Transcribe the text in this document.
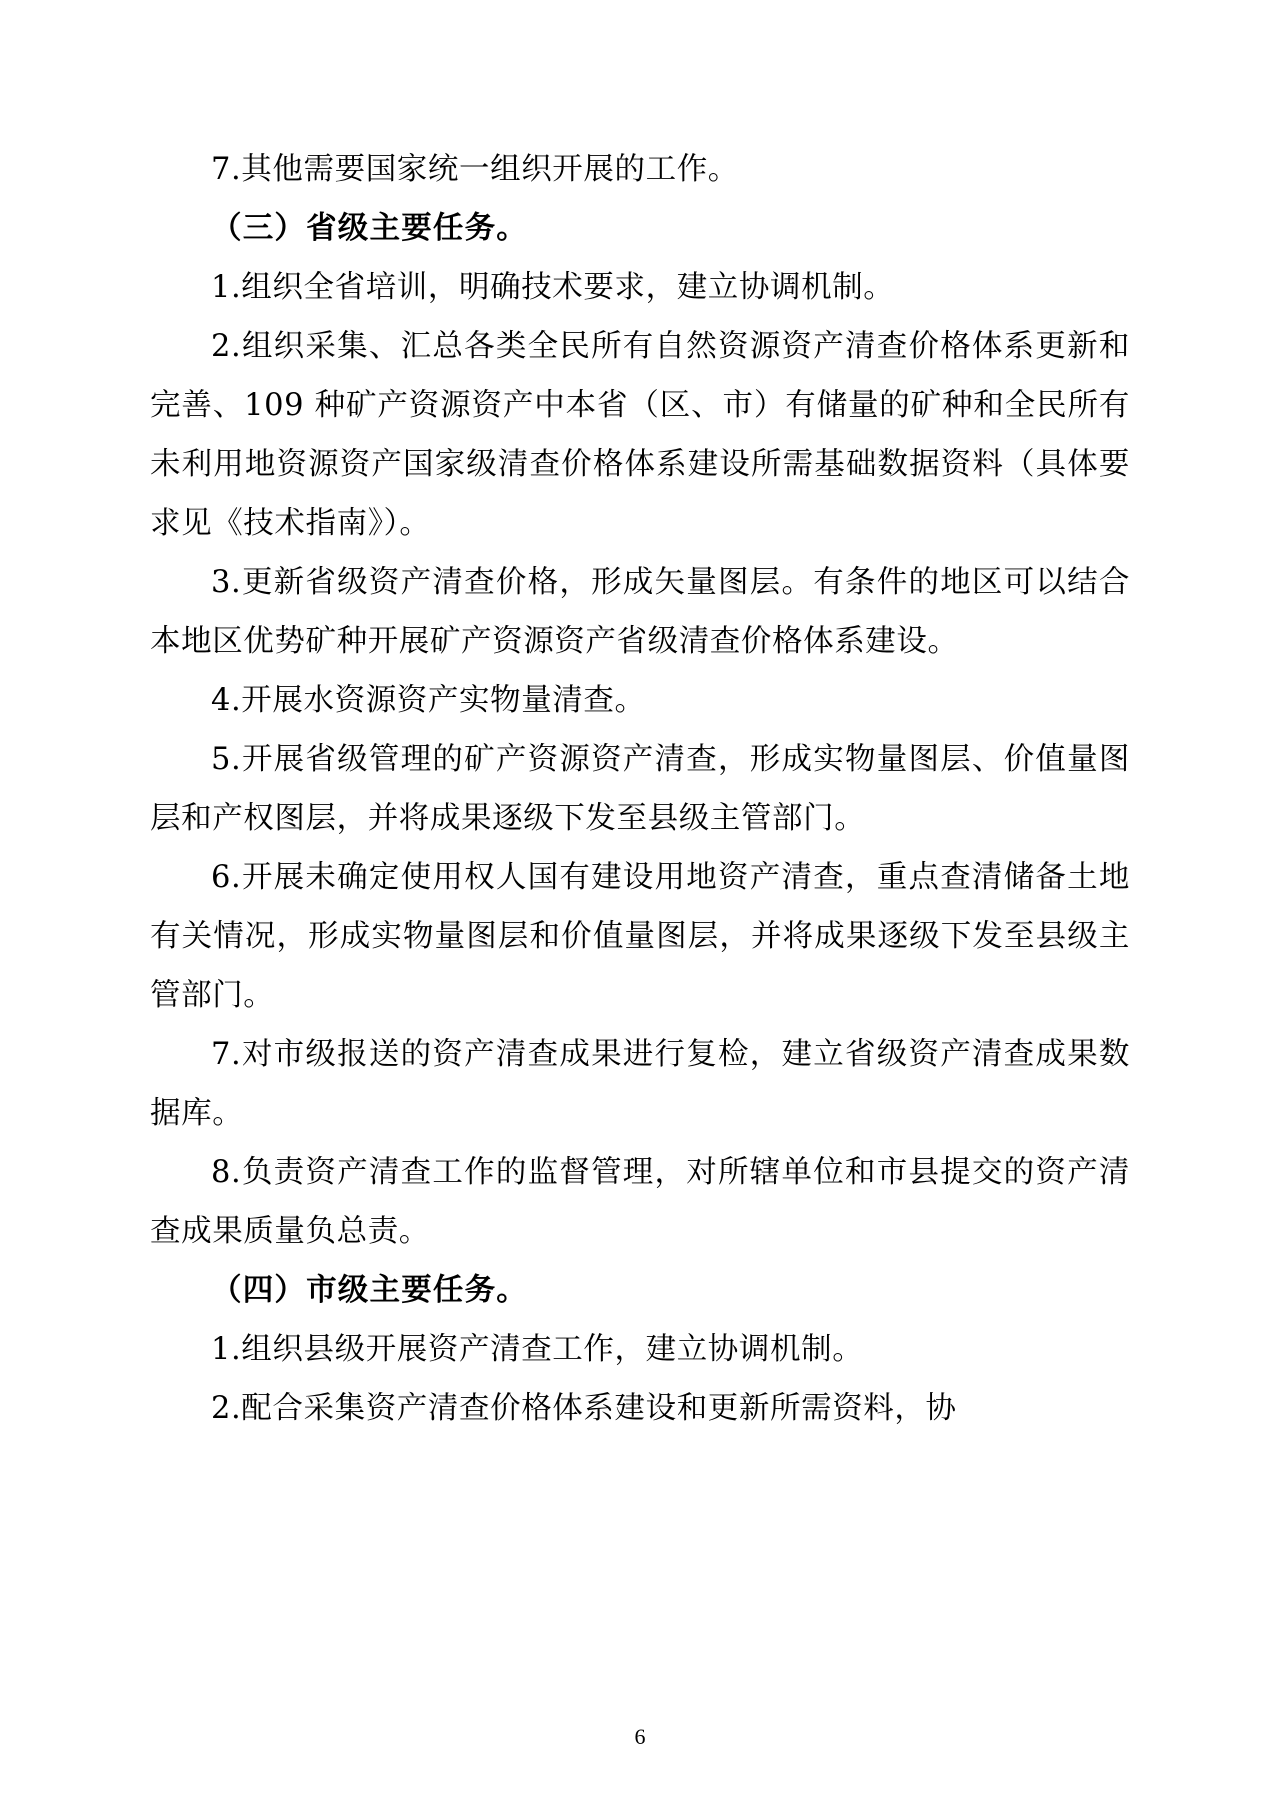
7.其他需要国家统一组织开展的工作。

（三）省级主要任务。

1.组织全省培训，明确技术要求，建立协调机制。

2.组织采集、汇总各类全民所有自然资源资产清查价格体系更新和完善、109 种矿产资源资产中本省（区、市）有储量的矿种和全民所有未利用地资源资产国家级清查价格体系建设所需基础数据资料（具体要求见《技术指南》）。

3.更新省级资产清查价格，形成矢量图层。有条件的地区可以结合本地区优势矿种开展矿产资源资产省级清查价格体系建设。

4.开展水资源资产实物量清查。

5.开展省级管理的矿产资源资产清查，形成实物量图层、价值量图层和产权图层，并将成果逐级下发至县级主管部门。

6.开展未确定使用权人国有建设用地资产清查，重点查清储备土地有关情况，形成实物量图层和价值量图层，并将成果逐级下发至县级主管部门。

7.对市级报送的资产清查成果进行复检，建立省级资产清查成果数据库。

8.负责资产清查工作的监督管理，对所辖单位和市县提交的资产清查成果质量负总责。

（四）市级主要任务。

1.组织县级开展资产清查工作，建立协调机制。

2.配合采集资产清查价格体系建设和更新所需资料，协

6
